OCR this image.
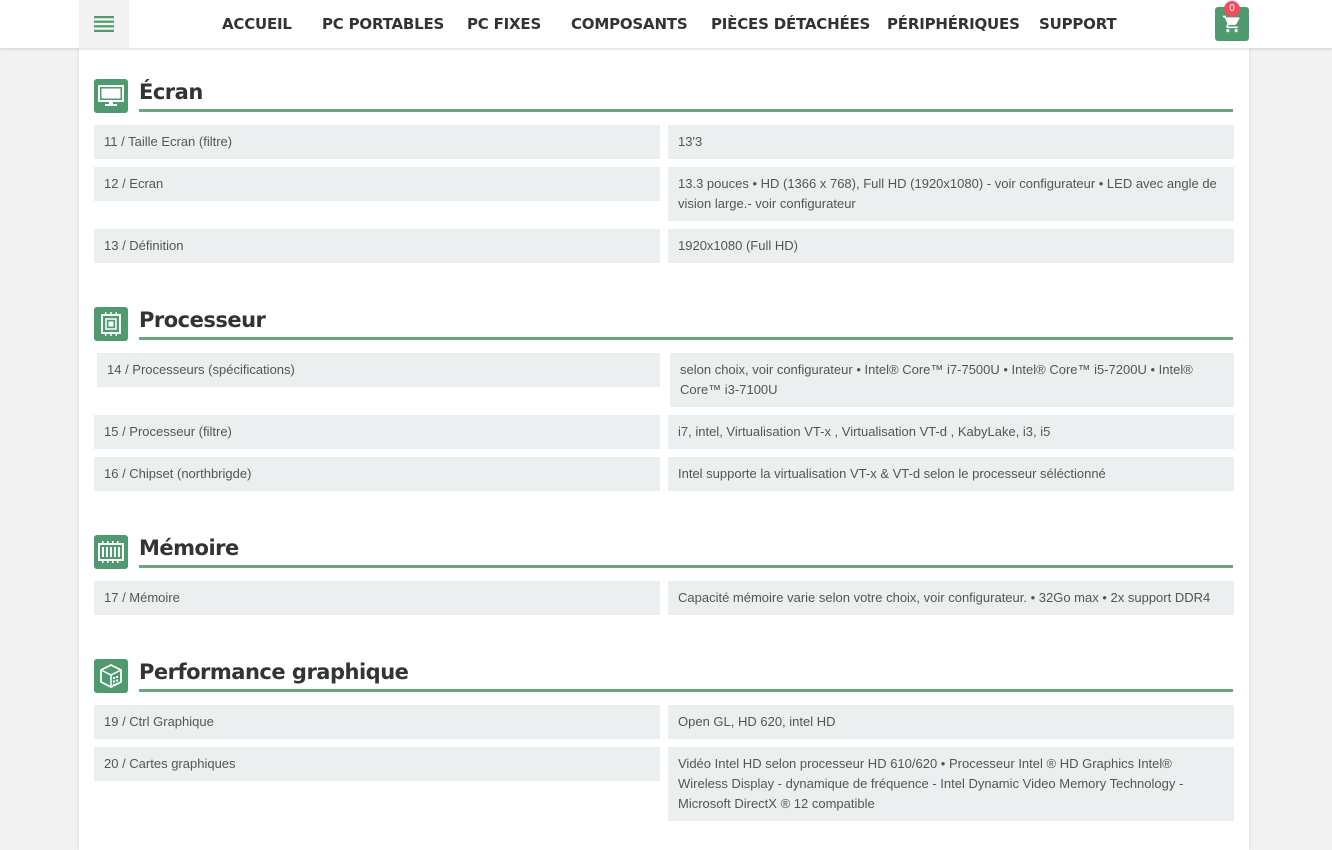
ACCUEIL PC PORTABLES PC FIXES COMPOSANTS PIÈCES DÉTACHÉES PÉRIPHÉRIQUES SUPPORT
0
Écran
11 / Taille Ecran (filtre)	13'3
12 / Ecran	13.3 pouces • HD (1366 x 768), Full HD (1920x1080) - voir configurateur • LED avec angle de vision large.- voir configurateur
13 / Définition	1920x1080 (Full HD)
Processeur
14 / Processeurs (spécifications)	selon choix, voir configurateur • Intel® Core™ i7-7500U • Intel® Core™ i5-7200U • Intel® Core™ i3-7100U
15 / Processeur (filtre)	i7, intel, Virtualisation VT-x , Virtualisation VT-d , KabyLake, i3, i5
16 / Chipset (northbrigde)	Intel supporte la virtualisation VT-x & VT-d selon le processeur séléctionné
Mémoire
17 / Mémoire	Capacité mémoire varie selon votre choix, voir configurateur. • 32Go max • 2x support DDR4
Performance graphique
19 / Ctrl Graphique	Open GL, HD 620, intel HD
20 / Cartes graphiques	Vidéo Intel HD selon processeur HD 610/620 • Processeur Intel ® HD Graphics Intel® Wireless Display - dynamique de fréquence - Intel Dynamic Video Memory Technology - Microsoft DirectX ® 12 compatible
